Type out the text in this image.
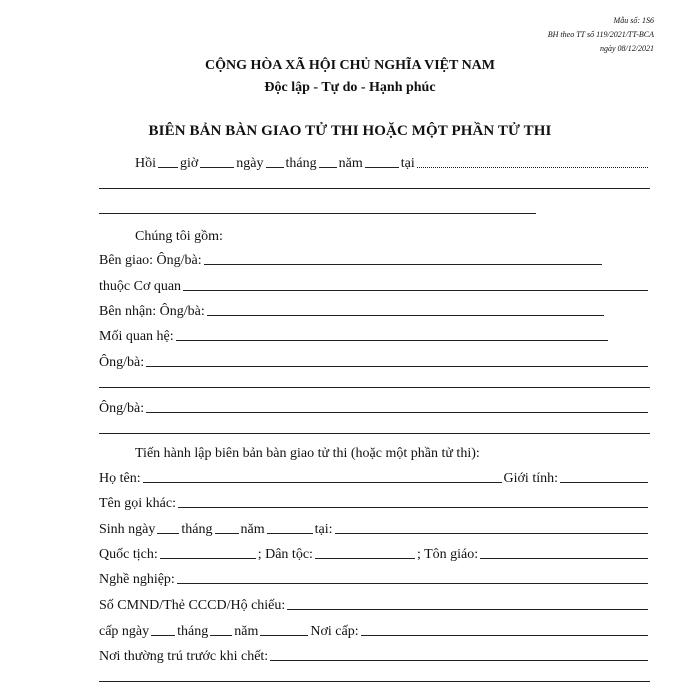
Mẫu số: 1S6
BH theo TT số 119/2021/TT-BCA
ngày 08/12/2021
CỘNG HÒA XÃ HỘI CHỦ NGHĨA VIỆT NAM
Độc lập - Tự do - Hạnh phúc
BIÊN BẢN BÀN GIAO TỬ THI HOẶC MỘT PHẦN TỬ THI
Hồi giờ	ngày tháng năm	tại
Chúng tôi gồm:
Bên giao: Ông/bà:
thuộc Cơ quan
Bên nhận: Ông/bà:
Mối quan hệ:
Ông/bà:
Ông/bà:
Tiến hành lập biên bản bàn giao tử thi (hoặc một phần tử thi):
Họ tên:	Giới tính:
Tên gọi khác:
Sinh ngày tháng năm	tại:
Quốc tịch:	; Dân tộc:	; Tôn giáo:
Nghề nghiệp:
Số CMND/Thẻ CCCD/Hộ chiếu:
cấp ngày tháng năm	Nơi cấp:
Nơi thường trú trước khi chết:
